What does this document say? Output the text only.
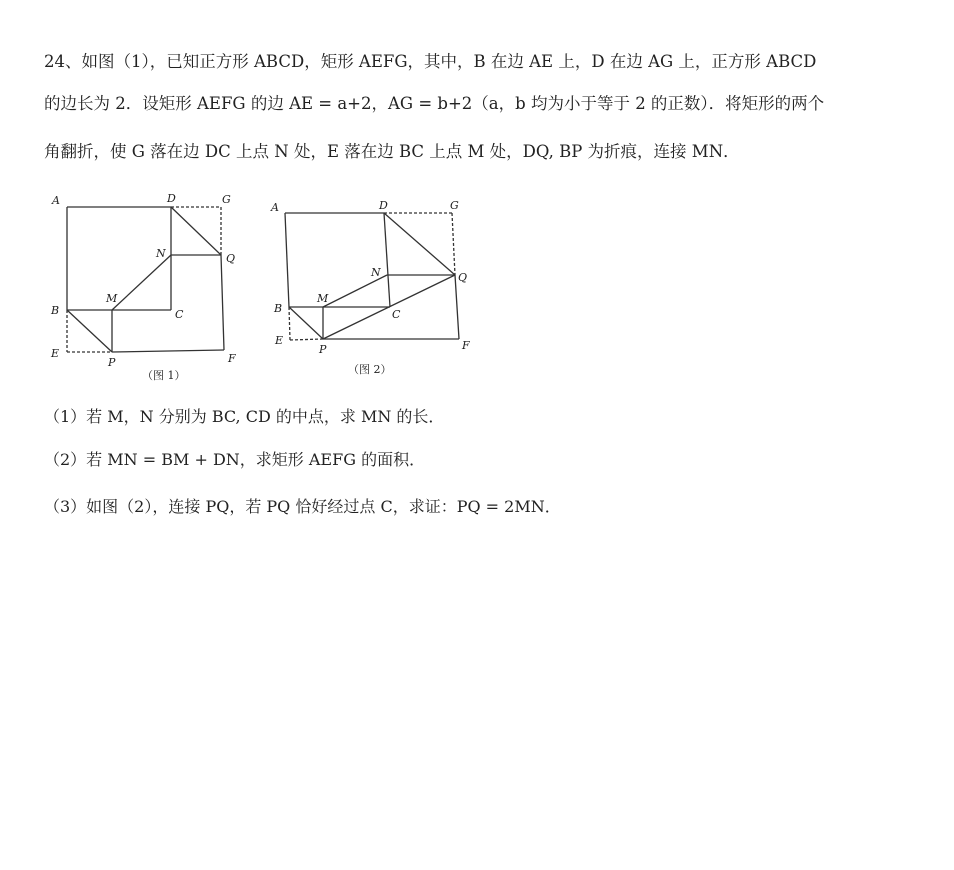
24、如图（1），已知正方形 ABCD，矩形 AEFG，其中，B 在边 AE 上，D 在边 AG 上，正方形 ABCD
的边长为 2．设矩形 AEFG 的边 AE = a+2，AG = b+2（a，b 均为小于等于 2 的正数）．将矩形的两个
角翻折，使 G 落在边 DC 上点 N 处，E 落在边 BC 上点 M 处，DQ, BP 为折痕，连接 MN．
A	D	G
N	Q
M
B	C
E
P	F
（图 1）
A	D	G
N	Q
M
B	C
E
P	F
（图 2）
（1）若 M，N 分别为 BC, CD 的中点，求 MN 的长．
（2）若 MN = BM + DN，求矩形 AEFG 的面积．
（3）如图（2），连接 PQ，若 PQ 恰好经过点 C，求证：PQ = 2MN．
